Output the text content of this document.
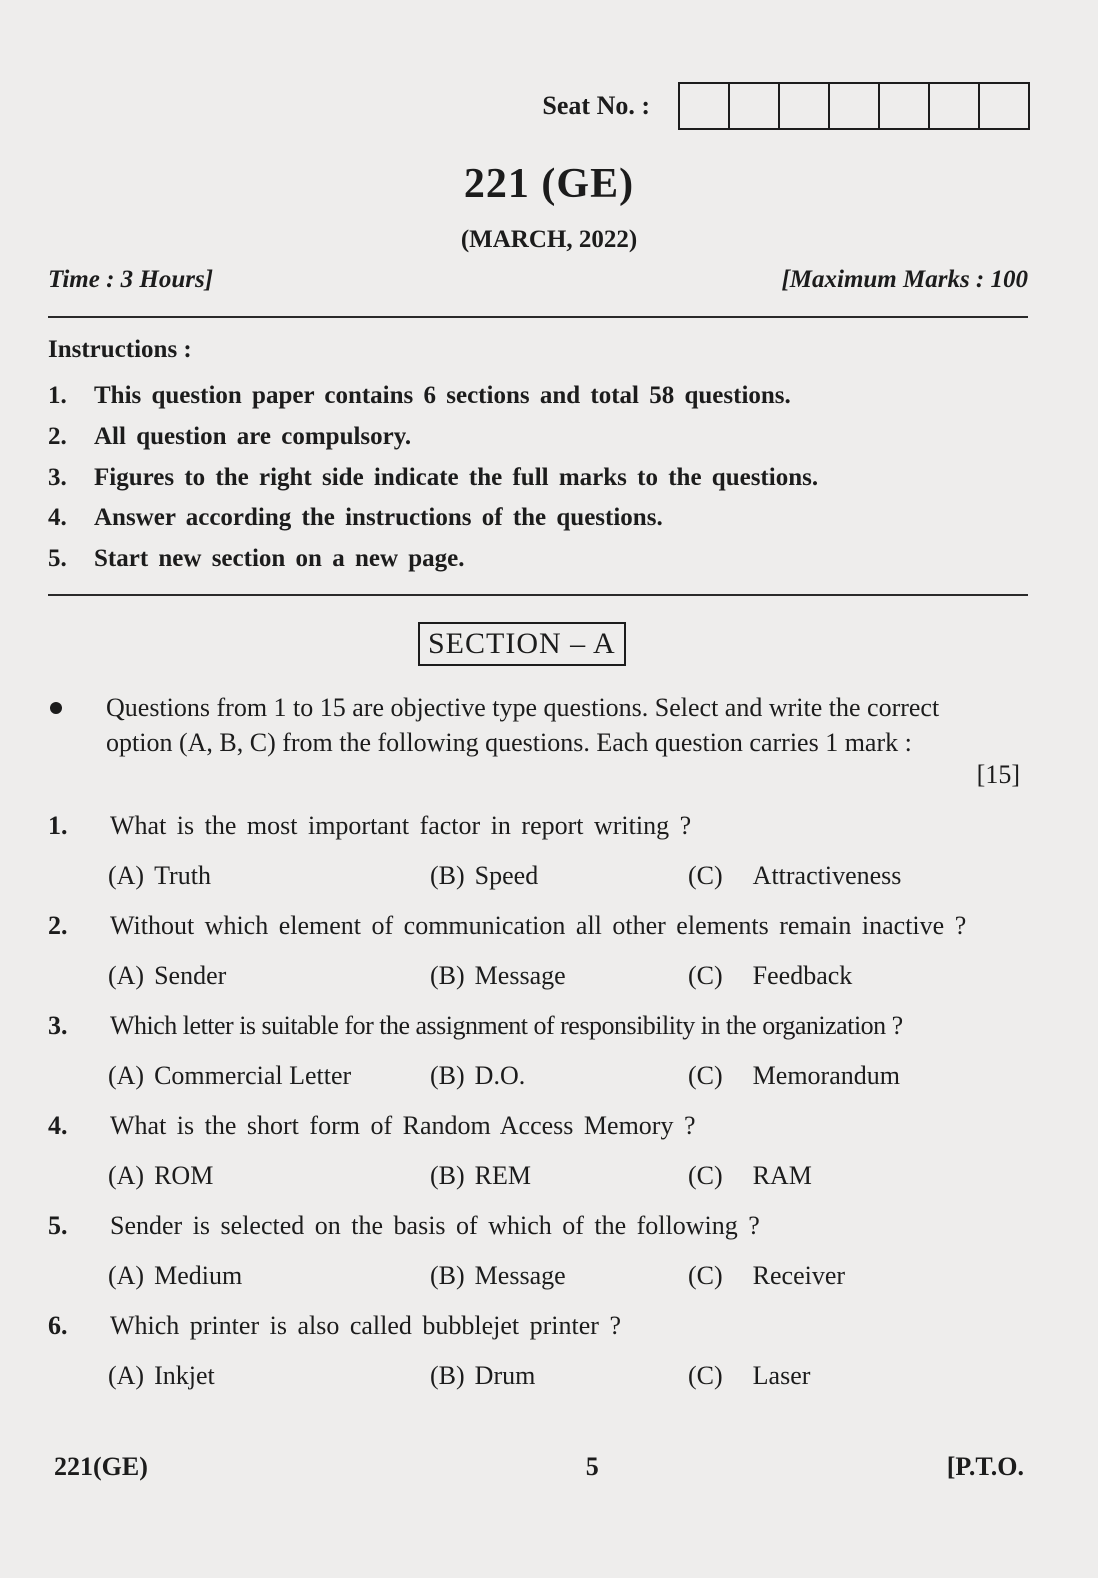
Seat No. :
221 (GE)
(MARCH, 2022)
Time : 3 Hours]	[Maximum Marks : 100
Instructions :
1.	This question paper contains 6 sections and total 58 questions.
2.	All question are compulsory.
3.	Figures to the right side indicate the full marks to the questions.
4.	Answer according the instructions of the questions.
5.	Start new section on a new page.
SECTION – A
Questions from 1 to 15 are objective type questions. Select and write the correct option (A, B, C) from the following questions. Each question carries 1 mark :
[15]
1.	What is the most important factor in report writing ?
(A) Truth	(B) Speed	(C) Attractiveness
2.	Without which element of communication all other elements remain inactive ?
(A) Sender	(B) Message	(C) Feedback
3.	Which letter is suitable for the assignment of responsibility in the organization ?
(A) Commercial Letter	(B) D.O.	(C) Memorandum
4.	What is the short form of Random Access Memory ?
(A) ROM	(B) REM	(C) RAM
5.	Sender is selected on the basis of which of the following ?
(A) Medium	(B) Message	(C) Receiver
6.	Which printer is also called bubblejet printer ?
(A) Inkjet	(B) Drum	(C) Laser
221(GE)	5	[P.T.O.
